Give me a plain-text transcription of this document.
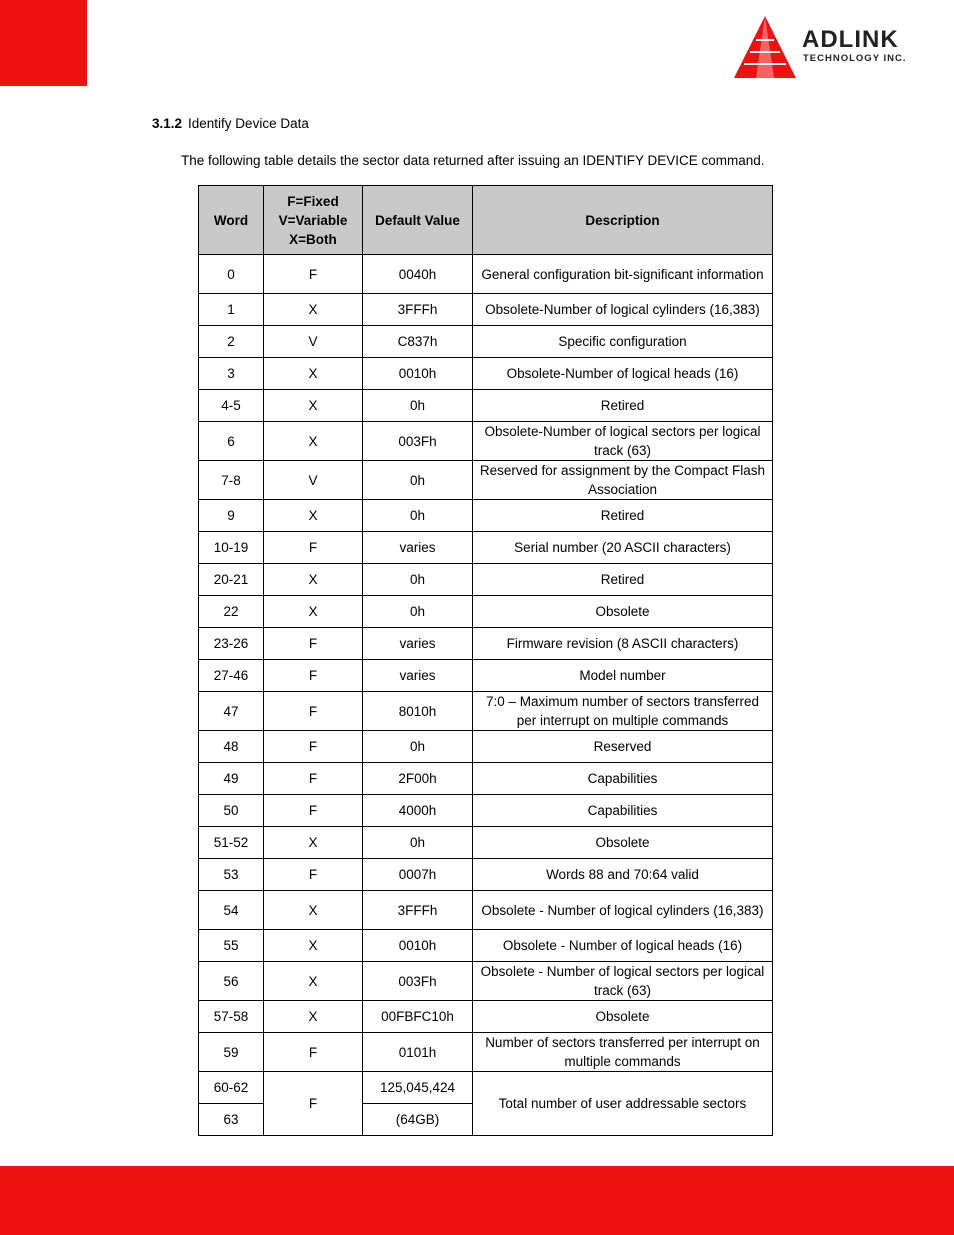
ADLINK
TECHNOLOGY INC.
3.1.2 Identify Device Data
The following table details the sector data returned after issuing an IDENTIFY DEVICE command.
Word	F=Fixed
V=Variable
X=Both	Default Value	Description
0	F	0040h	General configuration bit-significant information
1	X	3FFFh	Obsolete-Number of logical cylinders (16,383)
2	V	C837h	Specific configuration
3	X	0010h	Obsolete-Number of logical heads (16)
4-5	X	0h	Retired
6	X	003Fh	Obsolete-Number of logical sectors per logical track (63)
7-8	V	0h	Reserved for assignment by the Compact Flash Association
9	X	0h	Retired
10-19	F	varies	Serial number (20 ASCII characters)
20-21	X	0h	Retired
22	X	0h	Obsolete
23-26	F	varies	Firmware revision (8 ASCII characters)
27-46	F	varies	Model number
47	F	8010h	7:0 – Maximum number of sectors transferred per interrupt on multiple commands
48	F	0h	Reserved
49	F	2F00h	Capabilities
50	F	4000h	Capabilities
51-52	X	0h	Obsolete
53	F	0007h	Words 88 and 70:64 valid
54	X	3FFFh	Obsolete - Number of logical cylinders (16,383)
55	X	0010h	Obsolete - Number of logical heads (16)
56	X	003Fh	Obsolete - Number of logical sectors per logical track (63)
57-58	X	00FBFC10h	Obsolete
59	F	0101h	Number of sectors transferred per interrupt on multiple commands
60-62	F	125,045,424	Total number of user addressable sectors
63		(64GB)	
